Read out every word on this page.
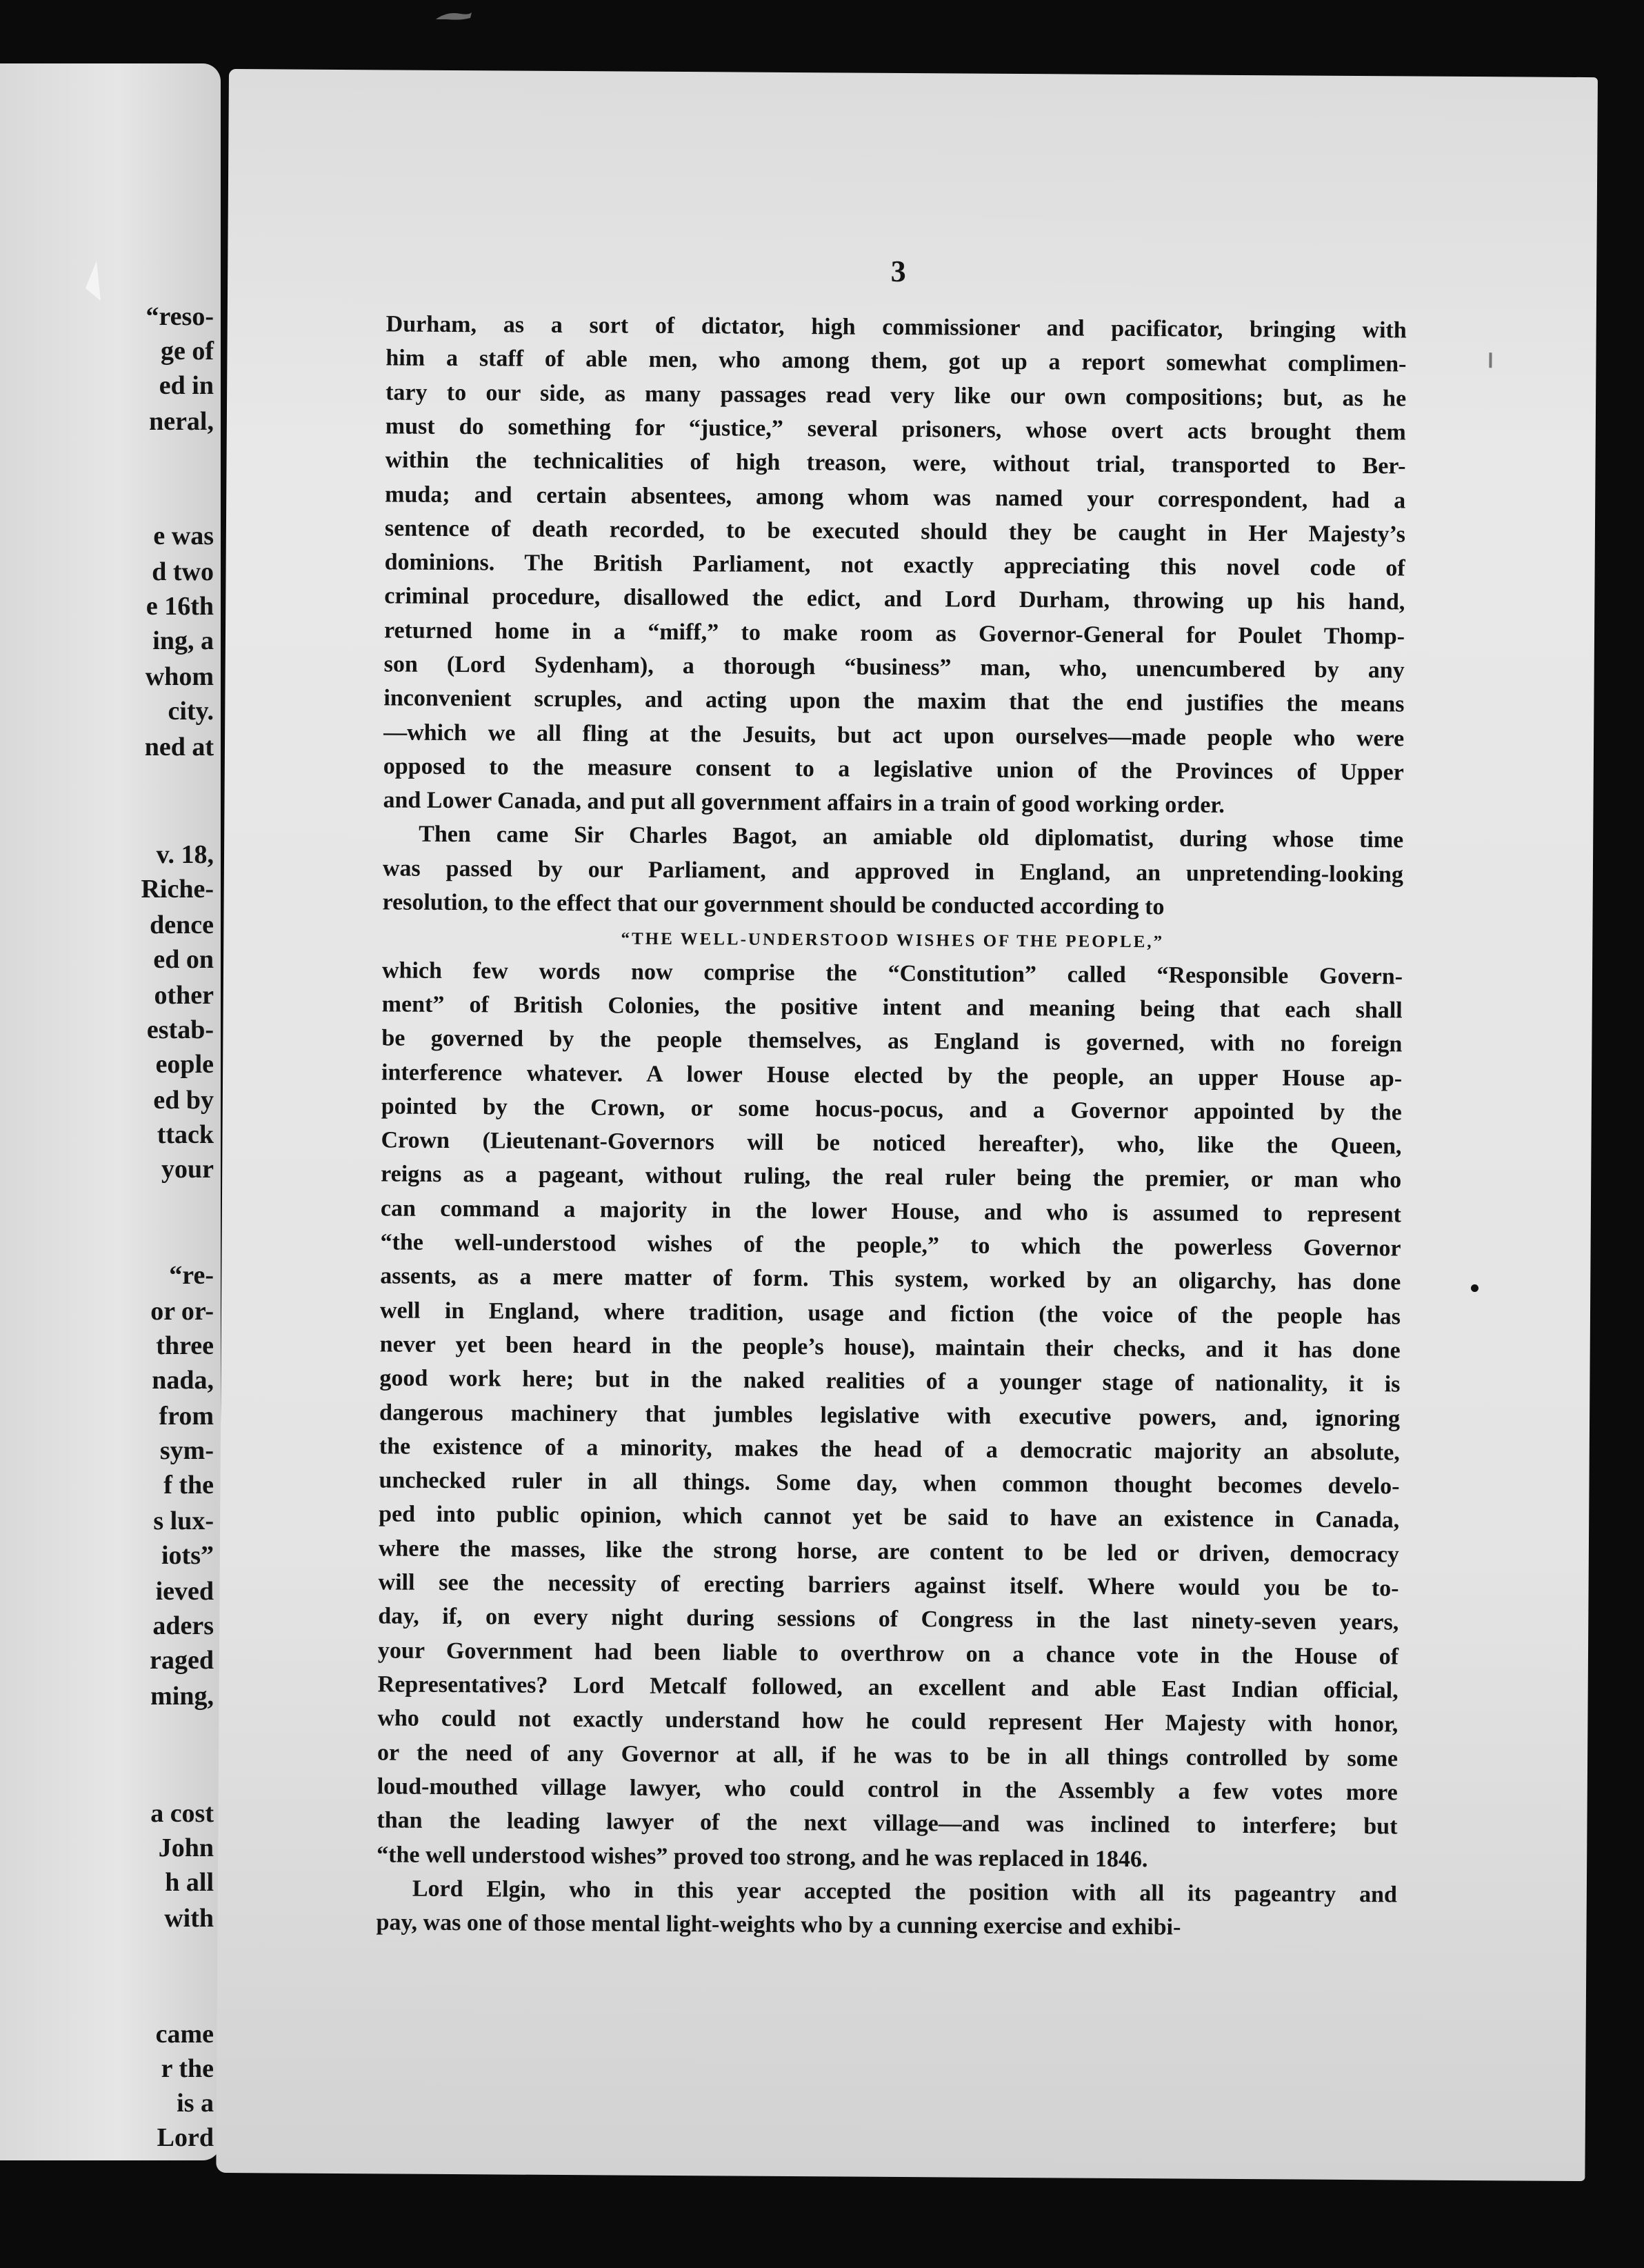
“reso-
ge of
ed in
neral,
e was
d two
e 16th
ing, a
whom
city.
ned at
v. 18,
Riche-
dence
ed on
other
estab-
eople
ed by
ttack
your
“re-
or or-
three
nada,
from
sym-
f the
s lux-
iots”
ieved
aders
raged
ming,
a cost
John
h all
with
came
r the
is a
Lord
3
Durham, as a sort of dictator, high commissioner and pacificator, bringing with
him a staff of able men, who among them, got up a report somewhat complimen-
tary to our side, as many passages read very like our own compositions; but, as he
must do something for “justice,” several prisoners, whose overt acts brought them
within the technicalities of high treason, were, without trial, transported to Ber-
muda; and certain absentees, among whom was named your correspondent, had a
sentence of death recorded, to be executed should they be caught in Her Majesty’s
dominions. The British Parliament, not exactly appreciating this novel code of
criminal procedure, disallowed the edict, and Lord Durham, throwing up his hand,
returned home in a “miff,” to make room as Governor-General for Poulet Thomp-
son (Lord Sydenham), a thorough “business” man, who, unencumbered by any
inconvenient scruples, and acting upon the maxim that the end justifies the means
—which we all fling at the Jesuits, but act upon ourselves—made people who were
opposed to the measure consent to a legislative union of the Provinces of Upper
and Lower Canada, and put all government affairs in a train of good working order.
Then came Sir Charles Bagot, an amiable old diplomatist, during whose time
was passed by our Parliament, and approved in England, an unpretending-looking
resolution, to the effect that our government should be conducted according to
“THE WELL-UNDERSTOOD WISHES OF THE PEOPLE,”
which few words now comprise the “Constitution” called “Responsible Govern-
ment” of British Colonies, the positive intent and meaning being that each shall
be governed by the people themselves, as England is governed, with no foreign
interference whatever. A lower House elected by the people, an upper House ap-
pointed by the Crown, or some hocus-pocus, and a Governor appointed by the
Crown (Lieutenant-Governors will be noticed hereafter), who, like the Queen,
reigns as a pageant, without ruling, the real ruler being the premier, or man who
can command a majority in the lower House, and who is assumed to represent
“the well-understood wishes of the people,” to which the powerless Governor
assents, as a mere matter of form. This system, worked by an oligarchy, has done
well in England, where tradition, usage and fiction (the voice of the people has
never yet been heard in the people’s house), maintain their checks, and it has done
good work here; but in the naked realities of a younger stage of nationality, it is
dangerous machinery that jumbles legislative with executive powers, and, ignoring
the existence of a minority, makes the head of a democratic majority an absolute,
unchecked ruler in all things. Some day, when common thought becomes develo-
ped into public opinion, which cannot yet be said to have an existence in Canada,
where the masses, like the strong horse, are content to be led or driven, democracy
will see the necessity of erecting barriers against itself. Where would you be to-
day, if, on every night during sessions of Congress in the last ninety-seven years,
your Government had been liable to overthrow on a chance vote in the House of
Representatives? Lord Metcalf followed, an excellent and able East Indian official,
who could not exactly understand how he could represent Her Majesty with honor,
or the need of any Governor at all, if he was to be in all things controlled by some
loud-mouthed village lawyer, who could control in the Assembly a few votes more
than the leading lawyer of the next village—and was inclined to interfere; but
“the well understood wishes” proved too strong, and he was replaced in 1846.
Lord Elgin, who in this year accepted the position with all its pageantry and
pay, was one of those mental light-weights who by a cunning exercise and exhibi-
